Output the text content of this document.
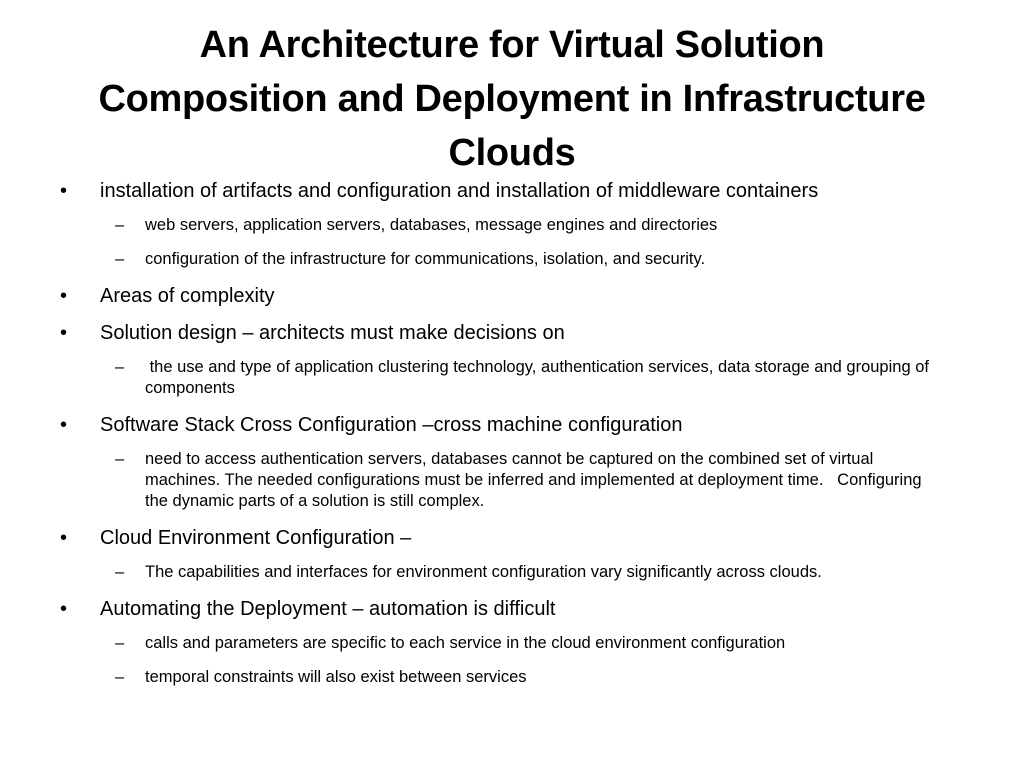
An Architecture for Virtual Solution
Composition and Deployment in Infrastructure
Clouds
•	installation of artifacts and configuration and installation of middleware containers
–	web servers, application servers, databases, message engines and directories
–	configuration of the infrastructure for communications, isolation, and security.
•	Areas of complexity
•	Solution design – architects must make decisions on
–	the use and type of application clustering technology, authentication services, data storage and grouping of components
•	Software Stack Cross Configuration –cross machine configuration
–	need to access authentication servers, databases cannot be captured on the combined set of virtual machines. The needed configurations must be inferred and implemented at deployment time.   Configuring the dynamic parts of a solution is still complex.
•	Cloud Environment Configuration –
–	The capabilities and interfaces for environment configuration vary significantly across clouds.
•	Automating the Deployment – automation is difficult
–	calls and parameters are specific to each service in the cloud environment configuration
–	temporal constraints will also exist between services
